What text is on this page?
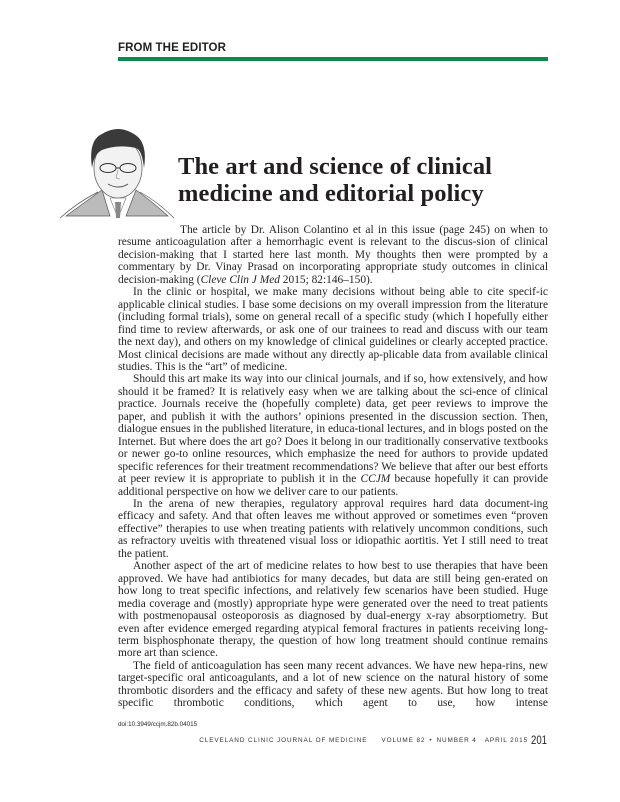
FROM THE EDITOR
The art and science of clinical
medicine and editorial policy

The article by Dr. Alison Colantino et al in this issue (page 245) on when to resume anticoagulation after a hemorrhagic event is relevant to the discus-sion of clinical decision-making that I started here last month. My thoughts then were prompted by a commentary by Dr. Vinay Prasad on incorporating appropriate study outcomes in clinical decision-making (Cleve Clin J Med 2015; 82:146–150).

In the clinic or hospital, we make many decisions without being able to cite specif-ic applicable clinical studies. I base some decisions on my overall impression from the literature (including formal trials), some on general recall of a specific study (which I hopefully either find time to review afterwards, or ask one of our trainees to read and discuss with our team the next day), and others on my knowledge of clinical guidelines or clearly accepted practice. Most clinical decisions are made without any directly ap-plicable data from available clinical studies. This is the “art” of medicine.

Should this art make its way into our clinical journals, and if so, how extensively, and how should it be framed? It is relatively easy when we are talking about the sci-ence of clinical practice. Journals receive the (hopefully complete) data, get peer reviews to improve the paper, and publish it with the authors’ opinions presented in the discussion section. Then, dialogue ensues in the published literature, in educa-tional lectures, and in blogs posted on the Internet. But where does the art go? Does it belong in our traditionally conservative textbooks or newer go-to online resources, which emphasize the need for authors to provide updated specific references for their treatment recommendations? We believe that after our best efforts at peer review it is appropriate to publish it in the CCJM because hopefully it can provide additional perspective on how we deliver care to our patients.

In the arena of new therapies, regulatory approval requires hard data document-ing efficacy and safety. And that often leaves me without approved or sometimes even “proven effective” therapies to use when treating patients with relatively uncommon conditions, such as refractory uveitis with threatened visual loss or idiopathic aortitis. Yet I still need to treat the patient.

Another aspect of the art of medicine relates to how best to use therapies that have been approved. We have had antibiotics for many decades, but data are still being gen-erated on how long to treat specific infections, and relatively few scenarios have been studied. Huge media coverage and (mostly) appropriate hype were generated over the need to treat patients with postmenopausal osteoporosis as diagnosed by dual-energy x-ray absorptiometry. But even after evidence emerged regarding atypical femoral fractures in patients receiving long-term bisphosphonate therapy, the question of how long treatment should continue remains more art than science.

The field of anticoagulation has seen many recent advances. We have new hepa-rins, new target-specific oral anticoagulants, and a lot of new science on the natural history of some thrombotic disorders and the efficacy and safety of these new agents. But how long to treat specific thrombotic conditions, which agent to use, how intense

doi:10.3949/ccjm.82b.04015
CLEVELAND CLINIC JOURNAL OF MEDICINE VOLUME 82 • NUMBER 4 APRIL 2015 201
